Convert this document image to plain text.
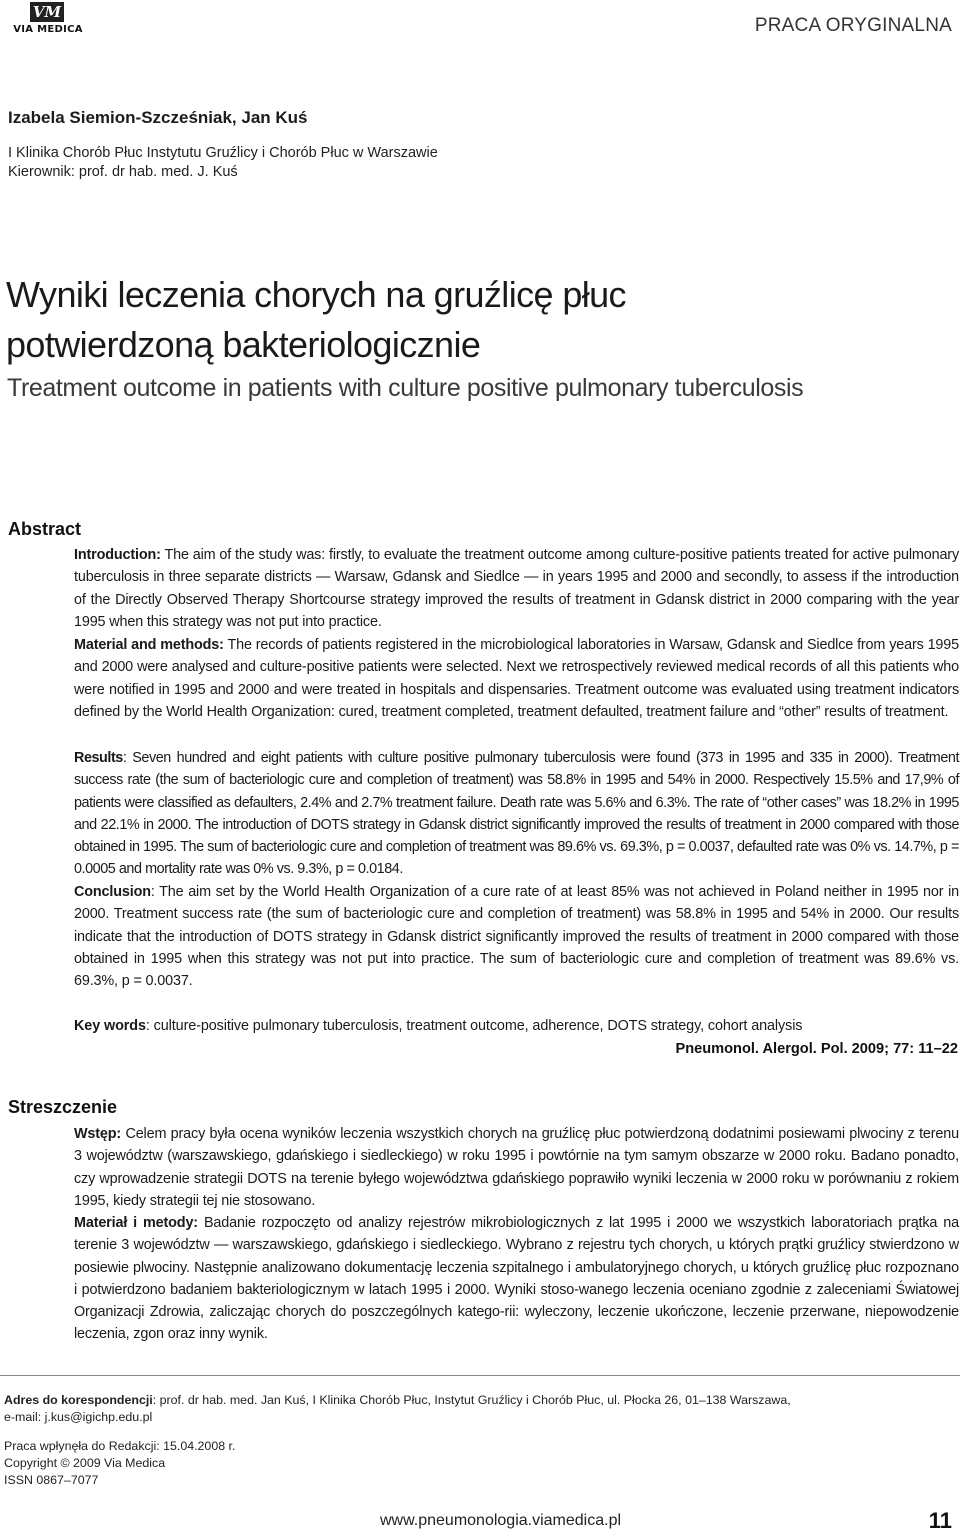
VM
VIA MEDICA	PRACA ORYGINALNA
Izabela Siemion-Szcześniak, Jan Kuś
I Klinika Chorób Płuc Instytutu Gruźlicy i Chorób Płuc w Warszawie
Kierownik: prof. dr hab. med. J. Kuś
Wyniki leczenia chorych na gruźlicę płuc
potwierdzoną bakteriologicznie
Treatment outcome in patients with culture positive pulmonary tuberculosis
Abstract

Introduction: The aim of the study was: firstly, to evaluate the treatment outcome among culture-positive patients treated for active pulmonary tuberculosis in three separate districts — Warsaw, Gdansk and Siedlce — in years 1995 and 2000 and secondly, to assess if the introduction of the Directly Observed Therapy Shortcourse strategy improved the results of treatment in Gdansk district in 2000 comparing with the year 1995 when this strategy was not put into practice.

Material and methods: The records of patients registered in the microbiological laboratories in Warsaw, Gdansk and Siedlce from years 1995 and 2000 were analysed and culture-positive patients were selected. Next we retrospectively reviewed medical records of all this patients who were notified in 1995 and 2000 and were treated in hospitals and dispensaries. Treatment outcome was evaluated using treatment indicators defined by the World Health Organization: cured, treatment completed, treatment defaulted, treatment failure and “other” results of treatment.

Results: Seven hundred and eight patients with culture positive pulmonary tuberculosis were found (373 in 1995 and 335 in 2000). Treatment success rate (the sum of bacteriologic cure and completion of treatment) was 58.8% in 1995 and 54% in 2000. Respectively 15.5% and 17,9% of patients were classified as defaulters, 2.4% and 2.7% treatment failure. Death rate was 5.6% and 6.3%. The rate of “other cases” was 18.2% in 1995 and 22.1% in 2000. The introduction of DOTS strategy in Gdansk district significantly improved the results of treatment in 2000 compared with those obtained in 1995. The sum of bacteriologic cure and completion of treatment was 89.6% vs. 69.3%, p = 0.0037, defaulted rate was 0% vs. 14.7%, p = 0.0005 and mortality rate was 0% vs. 9.3%, p = 0.0184.

Conclusion: The aim set by the World Health Organization of a cure rate of at least 85% was not achieved in Poland neither in 1995 nor in 2000. Treatment success rate (the sum of bacteriologic cure and completion of treatment) was 58.8% in 1995 and 54% in 2000. Our results indicate that the introduction of DOTS strategy in Gdansk district significantly improved the results of treatment in 2000 compared with those obtained in 1995 when this strategy was not put into practice. The sum of bacteriologic cure and completion of treatment was 89.6% vs. 69.3%, p = 0.0037.

Key words: culture-positive pulmonary tuberculosis, treatment outcome, adherence, DOTS strategy, cohort analysis
Pneumonol. Alergol. Pol. 2009; 77: 11–22
Streszczenie

Wstęp: Celem pracy była ocena wyników leczenia wszystkich chorych na gruźlicę płuc potwierdzoną dodatnimi posiewami plwociny z terenu 3 województw (warszawskiego, gdańskiego i siedleckiego) w roku 1995 i powtórnie na tym samym obszarze w 2000 roku. Badano ponadto, czy wprowadzenie strategii DOTS na terenie byłego województwa gdańskiego poprawiło wyniki leczenia w 2000 roku w porównaniu z rokiem 1995, kiedy strategii tej nie stosowano.

Materiał i metody: Badanie rozpoczęto od analizy rejestrów mikrobiologicznych z lat 1995 i 2000 we wszystkich laboratoriach prątka na terenie 3 województw — warszawskiego, gdańskiego i siedleckiego. Wybrano z rejestru tych chorych, u których prątki gruźlicy stwierdzono w posiewie plwociny. Następnie analizowano dokumentację leczenia szpitalnego i ambulatoryjnego chorych, u których gruźlicę płuc rozpoznano i potwierdzono badaniem bakteriologicznym w latach 1995 i 2000. Wyniki stoso-wanego leczenia oceniano zgodnie z zaleceniami Światowej Organizacji Zdrowia, zaliczając chorych do poszczególnych katego-rii: wyleczony, leczenie ukończone, leczenie przerwane, niepowodzenie leczenia, zgon oraz inny wynik.

Adres do korespondencji: prof. dr hab. med. Jan Kuś, I Klinika Chorób Płuc, Instytut Gruźlicy i Chorób Płuc, ul. Płocka 26, 01–138 Warszawa,
e-mail: j.kus@igichp.edu.pl
Praca wpłynęła do Redakcji: 15.04.2008 r.
Copyright © 2009 Via Medica
ISSN 0867–7077
www.pneumonologia.viamedica.pl	11
